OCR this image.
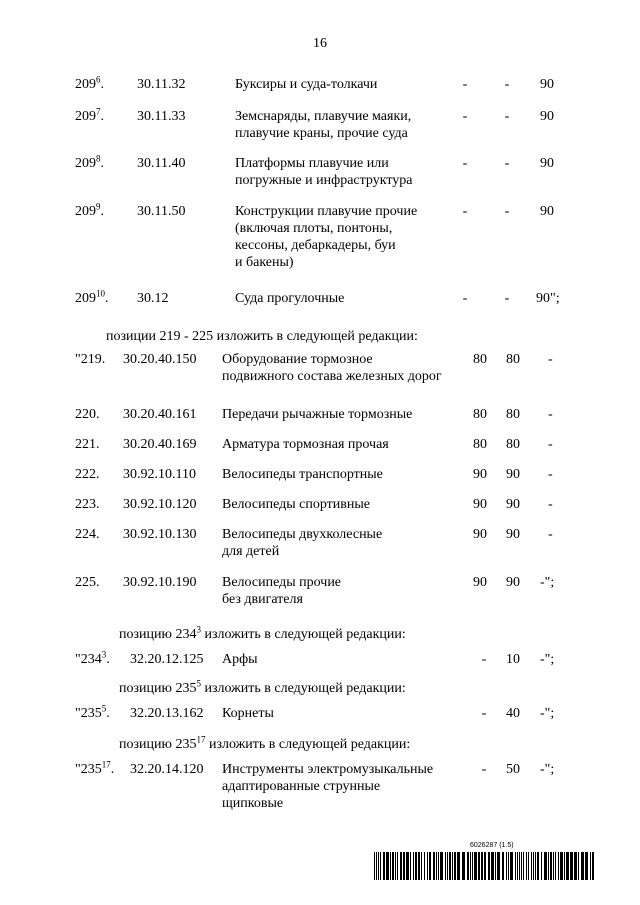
16
$209^6$. 30.11.32	Буксиры и суда-толкачи	-	-	90
$209^7$. 30.11.33	Земснаряды, плавучие маяки,
плавучие краны, прочие суда
-	-	90
$209^8$. 30.11.40	Платформы плавучие или
погружные и инфраструктура
-	-	90
$209^9$. 30.11.50	Конструкции плавучие прочие
(включая плоты, понтоны,
кессоны, дебаркадеры, буи
и бакены)
-	-	90
$209^{10}$. 30.12	Суда прогулочные	-	-	90";
позиции 219 - 225 изложить в следующей редакции:
"219. 30.20.40.150 Оборудование тормозное
подвижного состава железных дорог
80 80 -
220. 30.20.40.161 Передачи рычажные тормозные	80 80 -
221. 30.20.40.169 Арматура тормозная прочая	80 80 -
222. 30.92.10.110 Велосипеды транспортные	90 90 -
223. 30.92.10.120 Велосипеды спортивные	90 90 -
224. 30.92.10.130 Велосипеды двухколесные
для детей
90 90 -
225. 30.92.10.190 Велосипеды прочие
без двигателя
90 90 -";
позицию $234^3$ изложить в следующей редакции:
"$234^3$. 32.20.12.125 Арфы	-	10 -";
позицию $235^5$ изложить в следующей редакции:
"$235^5$. 32.20.13.162 Корнеты	-	40 -";
позицию $235^{17}$ изложить в следующей редакции:
"$235^{17}$. 32.20.14.120 Инструменты электромузыкальные
адаптированные струнные
щипковые
-	50 -";
6026287 (1.5)
